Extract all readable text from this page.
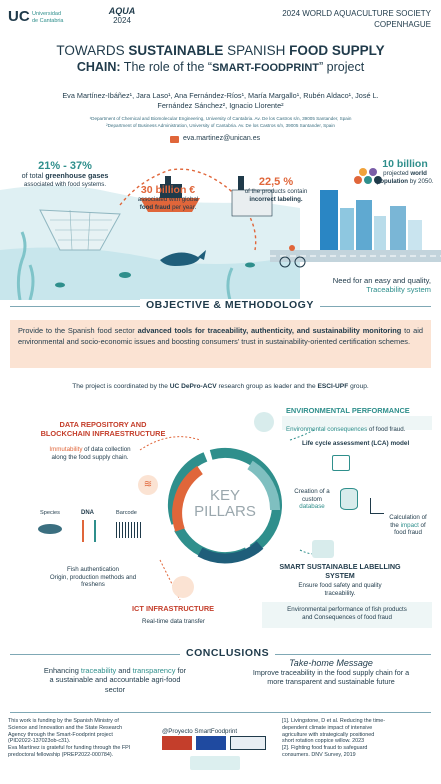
UC Universidad
de Cantabria
AQUA
2024
2024 WORLD AQUACULTURE SOCIETY
COPENHAGUE
TOWARDS SUSTAINABLE SPANISH FOOD SUPPLY
CHAIN: The role of the “SMART-FOODPRINT” project
Eva Martínez-Ibáñez¹, Jara Laso¹, Ana Fernández-Ríos¹, María Margallo¹, Rubén Aldaco¹, José L.
Fernández Sánchez², Ignacio Llorente²
¹Department of Chemical and Biomolecular Engineering, University of Cantabria. Av. De los Castros s/n, 39005 Santander, Spain
²Department of Business Administration, University of Cantabria. Av. De los Castros s/n, 39005 Santander, Spain
eva.martinez@unican.es
21% - 37%
of total greenhouse gases
associated with food systems.	30 billion €
associated with global
food fraud per year.
22,5 %
of the products contain
incorrect labeling.
10 billion
projected world
population by 2050.
Need for an easy and quality,
Traceability system
OBJECTIVE & METHODOLOGY
Provide to the Spanish food sector advanced tools for traceability, authenticity, and sustainability monitoring to aid environmental and socio-economic issues and boosting consumers’ trust in sustainability-oriented certification schemes.
The project is coordinated by the UC DePro-ACV research group as leader and the ESCI-UPF group.
KEY
PILLARS
DATA REPOSITORY AND
BLOCKCHAIN INFRAESTRUCTURE
Immutability of data collection
along the food supply chain.
≋
Species	DNA	Barcode
Fish authentication
Origin, production methods and
freshens
ICT INFRASTRUCTURE
Real-time data transfer
ENVIRONMENTAL PERFORMANCE
Environmental consequences of food fraud.
Life cycle assessment (LCA) model
Creation of a
custom
database
Calculation of
the impact of
food fraud
SMART SUSTAINABLE LABELLING
SYSTEM
Ensure food safety and quality
traceability.
Environmental performance of fish products
and Consequences of food fraud
CONCLUSIONS
Enhancing traceability and transparency for
a sustainable and accountable agri-food
sector
Take-home Message
Improve traceability in the food supply chain for a
more transparent and sustainable future
This work is funding by the Spanish Ministry of
Science and Innovation and the State Research
Agency through the Smart-Foodprint project
(PID2022-137023ob-c31).
Eva Martínez is grateful for funding through the FPI
predoctoral fellowship (PREP2022-000784).
@Proyecto SmartFoodprint
[1]. Livingstone, D et al. Reducing the time-
dependent climate impact of intensive
agriculture with strategically positioned
short rotation coppice willow. 2023
[2]. Fighting food fraud to safeguard
consumers. DNV Survey, 2019
